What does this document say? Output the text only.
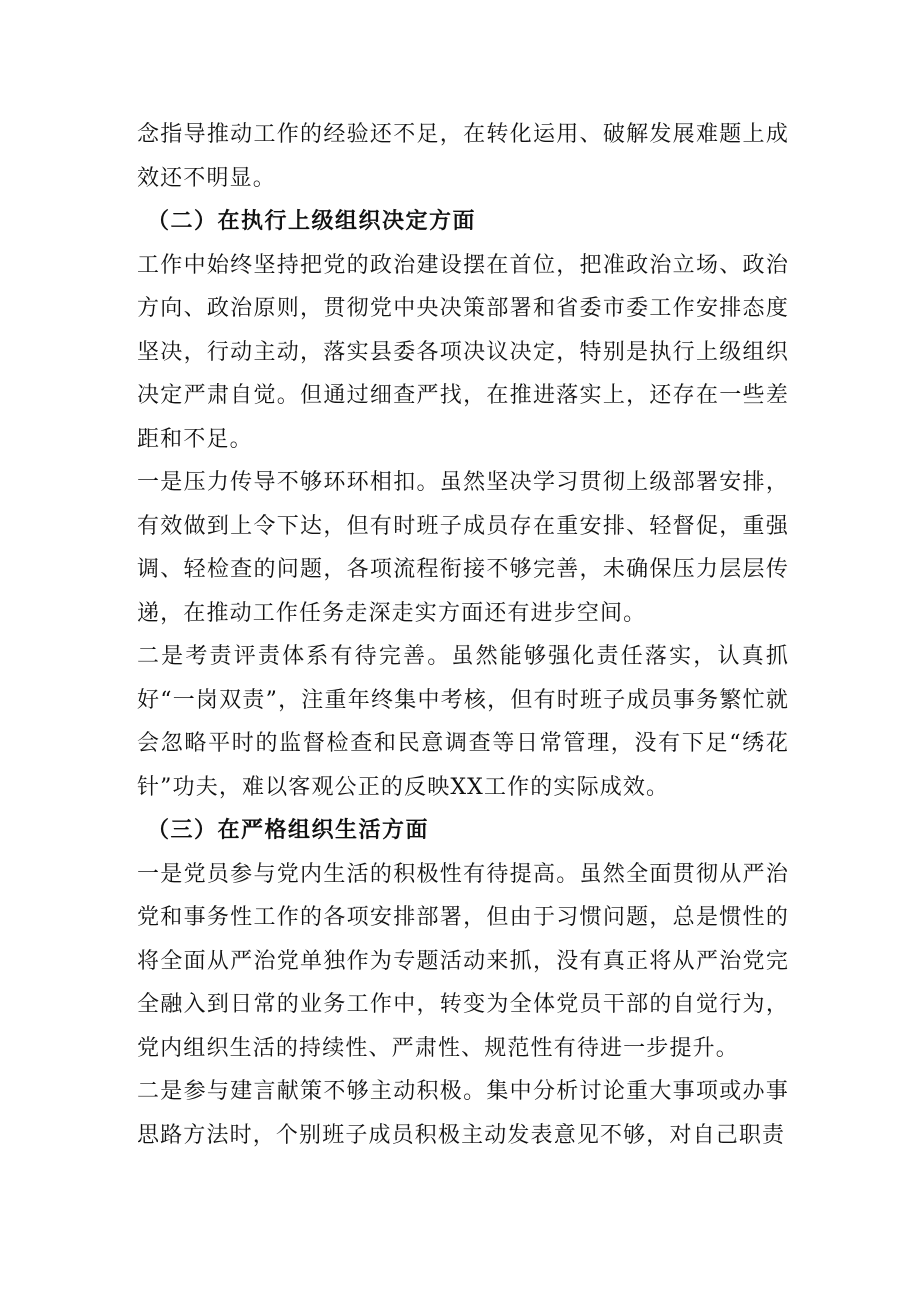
念指导推动工作的经验还不足，在转化运用、破解发展难题上成效还不明显。

（二）在执行上级组织决定方面

工作中始终坚持把党的政治建设摆在首位，把准政治立场、政治方向、政治原则，贯彻党中央决策部署和省委市委工作安排态度坚决，行动主动，落实县委各项决议决定，特别是执行上级组织决定严肃自觉。但通过细查严找，在推进落实上，还存在一些差距和不足。

一是压力传导不够环环相扣。虽然坚决学习贯彻上级部署安排，有效做到上令下达，但有时班子成员存在重安排、轻督促，重强调、轻检查的问题，各项流程衔接不够完善，未确保压力层层传递，在推动工作任务走深走实方面还有进步空间。

二是考责评责体系有待完善。虽然能够强化责任落实，认真抓好“一岗双责”，注重年终集中考核，但有时班子成员事务繁忙就会忽略平时的监督检查和民意调查等日常管理，没有下足“绣花针”功夫，难以客观公正的反映XX工作的实际成效。

（三）在严格组织生活方面

一是党员参与党内生活的积极性有待提高。虽然全面贯彻从严治党和事务性工作的各项安排部署，但由于习惯问题，总是惯性的将全面从严治党单独作为专题活动来抓，没有真正将从严治党完全融入到日常的业务工作中，转变为全体党员干部的自觉行为，党内组织生活的持续性、严肃性、规范性有待进一步提升。

二是参与建言献策不够主动积极。集中分析讨论重大事项或办事思路方法时，个别班子成员积极主动发表意见不够，对自己职责
